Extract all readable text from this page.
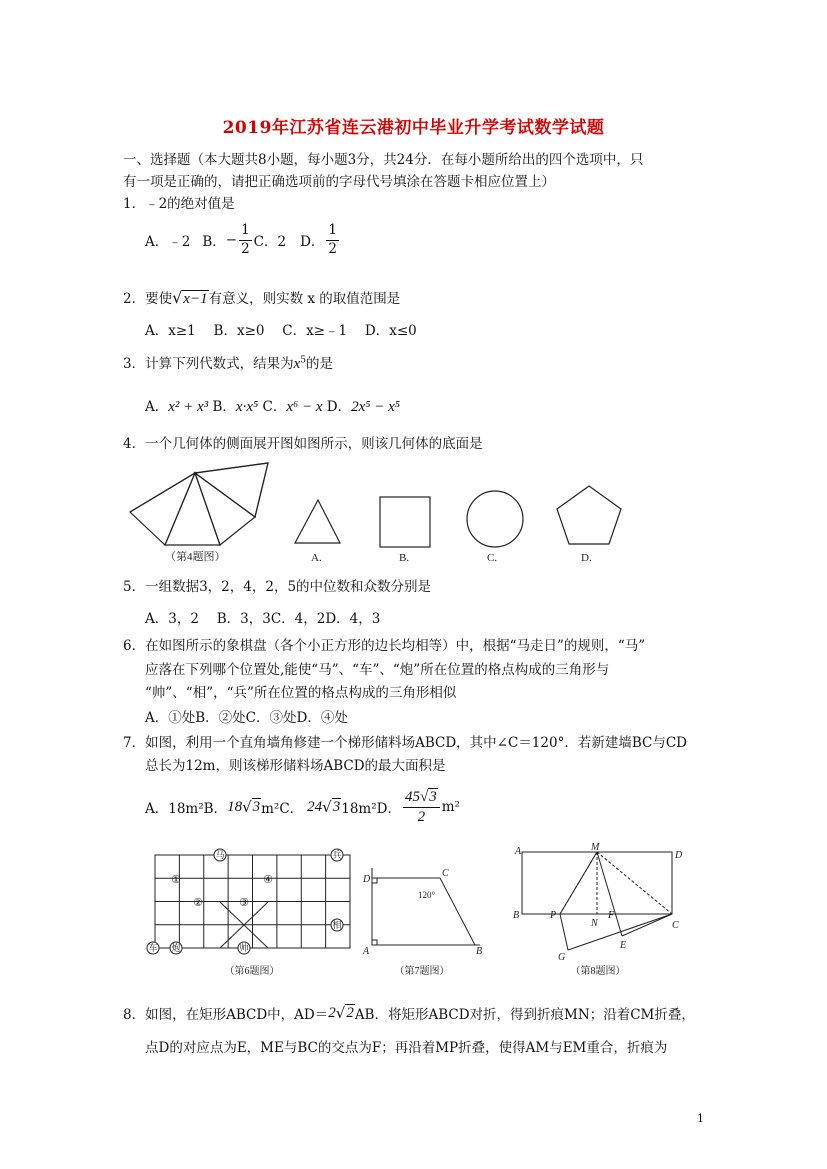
2019年江苏省连云港初中毕业升学考试数学试题
一、选择题（本大题共8小题，每小题3分，共24分．在每小题所给出的四个选项中，只
有一项是正确的，请把正确选项前的字母代号填涂在答题卡相应位置上）
1．﹣2的绝对值是
A．﹣2 B． − $\frac{1}{2}$ C．2 D． $\frac{1}{2}$
2．要使√x−1有意义，则实数 x 的取值范围是
A．x≥1　 B．x≥0　 C．x≥﹣1　 D．x≤0
3．计算下列代数式，结果为$x^5$的是
A．x² + x³ B．x·x⁵ C．x⁶ − x D．2x⁵ − x⁵
4．一个几何体的侧面展开图如图所示，则该几何体的底面是
（第4题图）	A.	B.	C.	D.
5．一组数据3，2，4，2，5的中位数和众数分别是
A．3，2　 B．3，3C．4，2D．4，3
6．在如图所示的象棋盘（各个小正方形的边长均相等）中，根据“马走日”的规则，“马”
应落在下列哪个位置处,能使“马”、“车”、“炮”所在位置的格点构成的三角形与
“帅”、“相”，“兵”所在位置的格点构成的三角形相似
A．①处B．②处C．③处D．④处
7．如图，利用一个直角墙角修建一个梯形储料场ABCD，其中∠C＝120°．若新建墙BC与CD
总长为12m，则该梯形储料场ABCD的最大面积是
A．18m²B． 18 √ 3 m²C． 24 √ 3 18m²D． $\frac{45√3}{2} m^2$
马	兵
相
车 炮	帅
①
②	③
④
（第6题图）
D
C
A	B
120°
（第7题图）
A	M
D
B	P
N
F
C
E
G
（第8题图）
8．如图，在矩形ABCD中，AD＝ 2 √ 2 AB．将矩形ABCD对折，得到折痕MN；沿着CM折叠，
点D的对应点为E，ME与BC的交点为F；再沿着MP折叠，使得AM与EM重合，折痕为
1
